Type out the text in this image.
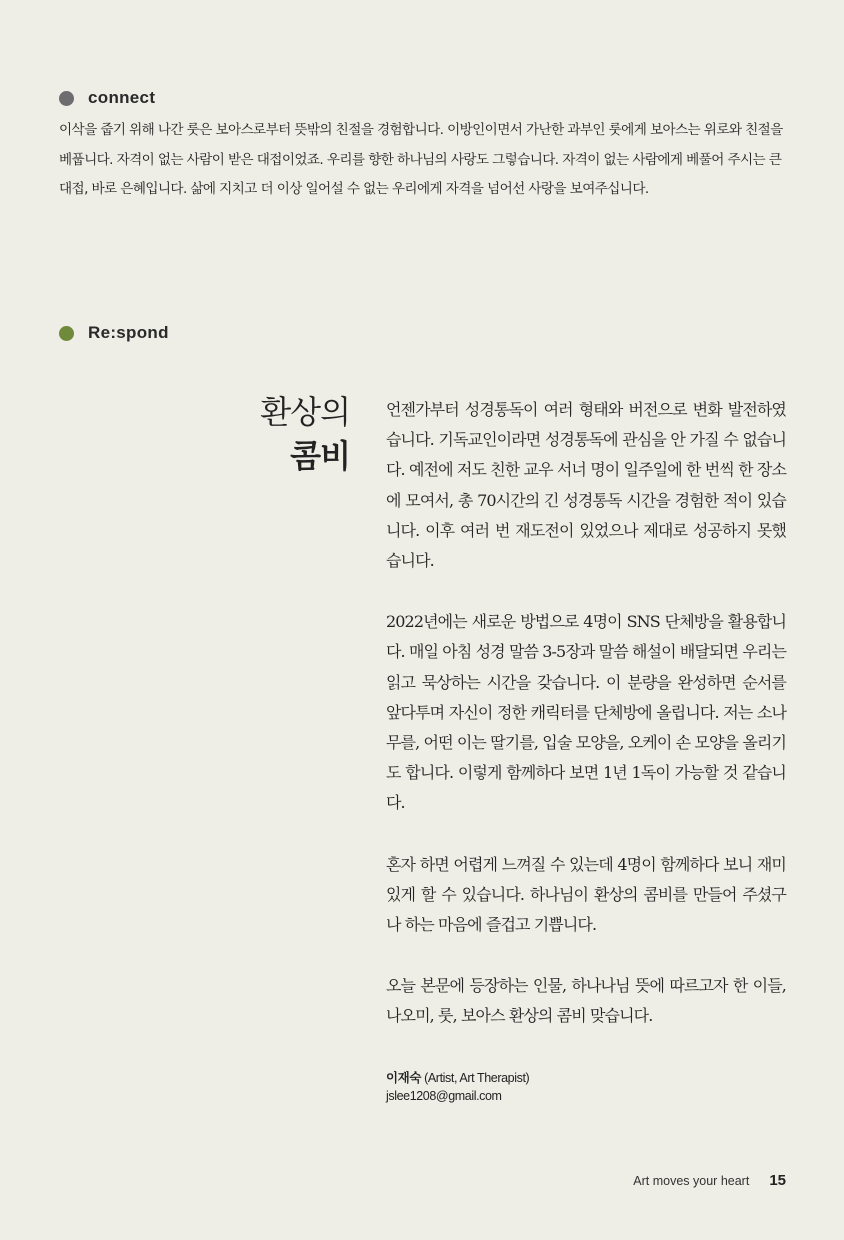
connect

이삭을 줍기 위해 나간 룻은 보아스로부터 뜻밖의 친절을 경험합니다. 이방인이면서 가난한 과부인 룻에게 보아스는 위로와 친절을 베풉니다. 자격이 없는 사람이 받은 대접이었죠. 우리를 향한 하나님의 사랑도 그렇습니다. 자격이 없는 사람에게 베풀어 주시는 큰 대접, 바로 은혜입니다. 삶에 지치고 더 이상 일어설 수 없는 우리에게 자격을 넘어선 사랑을 보여주십니다.

Re:spond
환상의
콤비

언젠가부터 성경통독이 여러 형태와 버전으로 변화 발전하였습니다. 기독교인이라면 성경통독에 관심을 안 가질 수 없습니다. 예전에 저도 친한 교우 서너 명이 일주일에 한 번씩 한 장소에 모여서, 총 70시간의 긴 성경통독 시간을 경험한 적이 있습니다. 이후 여러 번 재도전이 있었으나 제대로 성공하지 못했습니다.

2022년에는 새로운 방법으로 4명이 SNS 단체방을 활용합니다. 매일 아침 성경 말씀 3-5장과 말씀 해설이 배달되면 우리는 읽고 묵상하는 시간을 갖습니다. 이 분량을 완성하면 순서를 앞다투며 자신이 정한 캐릭터를 단체방에 올립니다. 저는 소나무를, 어떤 이는 딸기를, 입술 모양을, 오케이 손 모양을 올리기도 합니다. 이렇게 함께하다 보면 1년 1독이 가능할 것 같습니다.

혼자 하면 어렵게 느껴질 수 있는데 4명이 함께하다 보니 재미있게 할 수 있습니다. 하나님이 환상의 콤비를 만들어 주셨구나 하는 마음에 즐겁고 기쁩니다.

오늘 본문에 등장하는 인물, 하나나님 뜻에 따르고자 한 이들, 나오미, 룻, 보아스 환상의 콤비 맞습니다.

이재숙 (Artist, Art Therapist)
jslee1208@gmail.com
Art moves your heart 15
